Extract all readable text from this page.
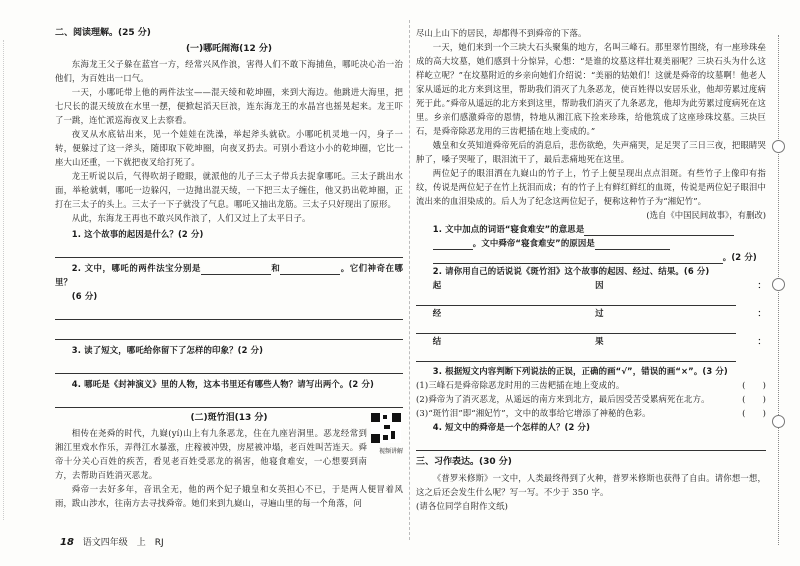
二、阅读理解。(25 分)
(一)哪吒闹海(12 分)

东海龙王父子躲在蓝宫一方，经常兴风作浪，害得人们不敢下海捕鱼，哪吒决心治一治他们，为百姓出一口气。

一天，小哪吒带上他的两件法宝——混天绫和乾坤圈，来到大海边。他跳进大海里，把七尺长的混天绫放在水里一摆，便掀起滔天巨浪，连东海龙王的水晶宫也摇晃起来。龙王吓了一跳，连忙派巡海夜叉上去察看。

夜叉从水底钻出来，见一个娃娃在洗澡，举起斧头就砍。小哪吒机灵地一闪，身子一转，便躲过了这一斧头，随即取下乾坤圈，向夜叉扔去。可别小看这小小的乾坤圈，它比一座大山还重，一下就把夜叉给打死了。

龙王听说以后，气得吹胡子瞪眼，就派他的儿子三太子带兵去捉拿哪吒。三太子跳出水面，举枪就刺，哪吒一边躲闪，一边抛出混天绫，一下把三太子缠住，他又扔出乾坤圈，正打在三太子的头上。三太子一下子就没了气息。哪吒又抽出龙筋。三太子只好现出了原形。

从此，东海龙王再也不敢兴风作浪了，人们又过上了太平日子。

1. 这个故事的起因是什么？(2 分)

2. 文中，哪吒的两件法宝分别是	和	。它们神奇在哪里？

(6 分)

3. 读了短文，哪吒给你留下了怎样的印象？(2 分)

4. 哪吒是《封神演义》里的人物，这本书里还有哪些人物？请写出两个。(2 分)

(二)斑竹泪(13 分)
视频讲解

相传在尧舜的时代，九嶷(yí)山上有九条恶龙，住在九座岩洞里。恶龙经常到湘江里戏水作乐，弄得江水暴涨，庄稼被冲毁，房屋被冲塌，老百姓叫苦连天。舜帝十分关心百姓的疾苦，看见老百姓受恶龙的祸害，他寝食难安，一心想要到南方，去帮助百姓消灭恶龙。

舜帝一去好多年，音讯全无，他的两个妃子娥皇和女英担心不已，于是两人便冒着风雨，跋山涉水，往南方去寻找舜帝。她们来到九嶷山，寻遍山里的每一个角落，问

尽山上山下的居民，却都得不到舜帝的下落。

一天，她们来到一个三块大石头聚集的地方，名叫三峰石。那里翠竹围绕，有一座珍珠垒成的高大坟墓，她们感到十分惊异，心想：“是谁的坟墓这样壮观美丽呢？三块石头为什么这样屹立呢？”在坟墓附近的乡亲向她们介绍说：“美丽的姑娘们！这就是舜帝的坟墓啊！他老人家从遥远的北方来到这里，帮助我们消灭了九条恶龙，使百姓得以安居乐业，他却劳累过度病死于此。”舜帝从遥远的北方来到这里，帮助我们消灭了九条恶龙，他却为此劳累过度病死在这里。乡亲们感激舜帝的恩情，特地从湘江底下捡来珍珠，给他筑成了这座珍珠坟墓。三块巨石，是舜帝除恶龙用的三齿耙插在地上变成的。”

娥皇和女英知道舜帝死后的消息后，悲伤欲绝，失声痛哭，足足哭了三日三夜，把眼睛哭肿了，嗓子哭哑了，眼泪流干了，最后悲痛地死在这里。

两位妃子的眼泪洒在九嶷山的竹子上，竹子上便呈现出点点泪斑。有些竹子上像印有指纹，传说是两位妃子在竹上抚泪而成；有的竹子上有鲜红鲜红的血斑，传说是两位妃子眼泪中流出来的血泪染成的。后人为了纪念这两位妃子，便称这种竹子为“湘妃竹”。

(选自《中国民间故事》，有删改)

1. 文中加点的词语“寝食难安”的意思是

。文中舜帝“寝食难安”的原因是

。(2 分)

2. 请你用自己的话说说《斑竹泪》这个故事的起因、经过、结果。(6 分)

起因：

经过：

结果：

3. 根据短文内容判断下列说法的正误，正确的画“√”，错误的画“×”。(3 分)

(1)三峰石是舜帝除恶龙时用的三齿耙插在地上变成的。	(　　)

(2)舜帝为了消灭恶龙，从遥远的南方来到北方，最后因受苦受累病死在北方。	(　　)

(3)“斑竹泪”即“湘妃竹”，文中的故事给它增添了神秘的色彩。	(　　)

4. 短文中的舜帝是一个怎样的人？(2 分)

三、习作表达。(30 分)

《普罗米修斯》一文中，人类最终得到了火种，普罗米修斯也获得了自由。请你想一想，这之后还会发生什么呢？写一写。不少于 350 字。

(请各位同学自附作文纸)

18 语文四年级　上　RJ
